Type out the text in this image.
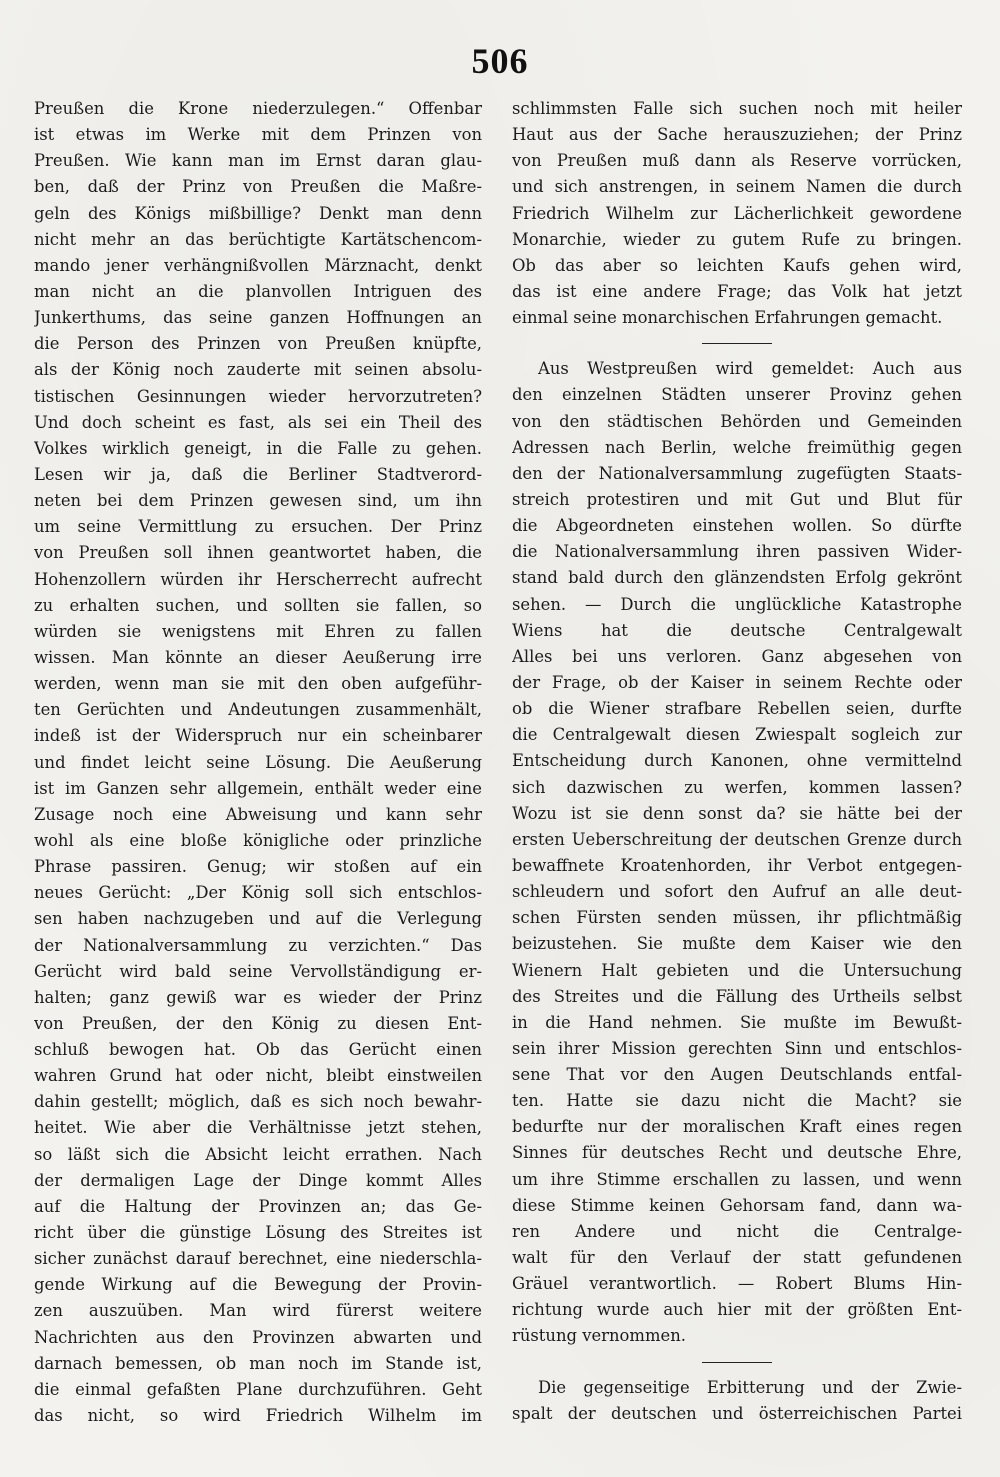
506
Preußen die Krone niederzulegen.“ Offenbar
ist etwas im Werke mit dem Prinzen von
Preußen. Wie kann man im Ernst daran glau-
ben, daß der Prinz von Preußen die Maßre-
geln des Königs mißbillige? Denkt man denn
nicht mehr an das berüchtigte Kartätschencom-
mando jener verhängnißvollen Märznacht, denkt
man nicht an die planvollen Intriguen des
Junkerthums, das seine ganzen Hoffnungen an
die Person des Prinzen von Preußen knüpfte,
als der König noch zauderte mit seinen absolu-
tistischen Gesinnungen wieder hervorzutreten?
Und doch scheint es fast, als sei ein Theil des
Volkes wirklich geneigt, in die Falle zu gehen.
Lesen wir ja, daß die Berliner Stadtverord-
neten bei dem Prinzen gewesen sind, um ihn
um seine Vermittlung zu ersuchen. Der Prinz
von Preußen soll ihnen geantwortet haben, die
Hohenzollern würden ihr Herscherrecht aufrecht
zu erhalten suchen, und sollten sie fallen, so
würden sie wenigstens mit Ehren zu fallen
wissen. Man könnte an dieser Aeußerung irre
werden, wenn man sie mit den oben aufgeführ-
ten Gerüchten und Andeutungen zusammenhält,
indeß ist der Widerspruch nur ein scheinbarer
und findet leicht seine Lösung. Die Aeußerung
ist im Ganzen sehr allgemein, enthält weder eine
Zusage noch eine Abweisung und kann sehr
wohl als eine bloße königliche oder prinzliche
Phrase passiren. Genug; wir stoßen auf ein
neues Gerücht: „Der König soll sich entschlos-
sen haben nachzugeben und auf die Verlegung
der Nationalversammlung zu verzichten.“ Das
Gerücht wird bald seine Vervollständigung er-
halten; ganz gewiß war es wieder der Prinz
von Preußen, der den König zu diesen Ent-
schluß bewogen hat. Ob das Gerücht einen
wahren Grund hat oder nicht, bleibt einstweilen
dahin gestellt; möglich, daß es sich noch bewahr-
heitet. Wie aber die Verhältnisse jetzt stehen,
so läßt sich die Absicht leicht errathen. Nach
der dermaligen Lage der Dinge kommt Alles
auf die Haltung der Provinzen an; das Ge-
richt über die günstige Lösung des Streites ist
sicher zunächst darauf berechnet, eine niederschla-
gende Wirkung auf die Bewegung der Provin-
zen auszuüben. Man wird fürerst weitere
Nachrichten aus den Provinzen abwarten und
darnach bemessen, ob man noch im Stande ist,
die einmal gefaßten Plane durchzuführen. Geht
das nicht, so wird Friedrich Wilhelm im
schlimmsten Falle sich suchen noch mit heiler
Haut aus der Sache herauszuziehen; der Prinz
von Preußen muß dann als Reserve vorrücken,
und sich anstrengen, in seinem Namen die durch
Friedrich Wilhelm zur Lächerlichkeit gewordene
Monarchie, wieder zu gutem Rufe zu bringen.
Ob das aber so leichten Kaufs gehen wird,
das ist eine andere Frage; das Volk hat jetzt
einmal seine monarchischen Erfahrungen gemacht.
Aus Westpreußen wird gemeldet: Auch aus
den einzelnen Städten unserer Provinz gehen
von den städtischen Behörden und Gemeinden
Adressen nach Berlin, welche freimüthig gegen
den der Nationalversammlung zugefügten Staats-
streich protestiren und mit Gut und Blut für
die Abgeordneten einstehen wollen. So dürfte
die Nationalversammlung ihren passiven Wider-
stand bald durch den glänzendsten Erfolg gekrönt
sehen. — Durch die unglückliche Katastrophe
Wiens hat die deutsche Centralgewalt
Alles bei uns verloren. Ganz abgesehen von
der Frage, ob der Kaiser in seinem Rechte oder
ob die Wiener strafbare Rebellen seien, durfte
die Centralgewalt diesen Zwiespalt sogleich zur
Entscheidung durch Kanonen, ohne vermittelnd
sich dazwischen zu werfen, kommen lassen?
Wozu ist sie denn sonst da? sie hätte bei der
ersten Ueberschreitung der deutschen Grenze durch
bewaffnete Kroatenhorden, ihr Verbot entgegen-
schleudern und sofort den Aufruf an alle deut-
schen Fürsten senden müssen, ihr pflichtmäßig
beizustehen. Sie mußte dem Kaiser wie den
Wienern Halt gebieten und die Untersuchung
des Streites und die Fällung des Urtheils selbst
in die Hand nehmen. Sie mußte im Bewußt-
sein ihrer Mission gerechten Sinn und entschlos-
sene That vor den Augen Deutschlands entfal-
ten. Hatte sie dazu nicht die Macht? sie
bedurfte nur der moralischen Kraft eines regen
Sinnes für deutsches Recht und deutsche Ehre,
um ihre Stimme erschallen zu lassen, und wenn
diese Stimme keinen Gehorsam fand, dann wa-
ren Andere und nicht die Centralge-
walt für den Verlauf der statt gefundenen
Gräuel verantwortlich. — Robert Blums Hin-
richtung wurde auch hier mit der größten Ent-
rüstung vernommen.
Die gegenseitige Erbitterung und der Zwie-
spalt der deutschen und österreichischen Partei
